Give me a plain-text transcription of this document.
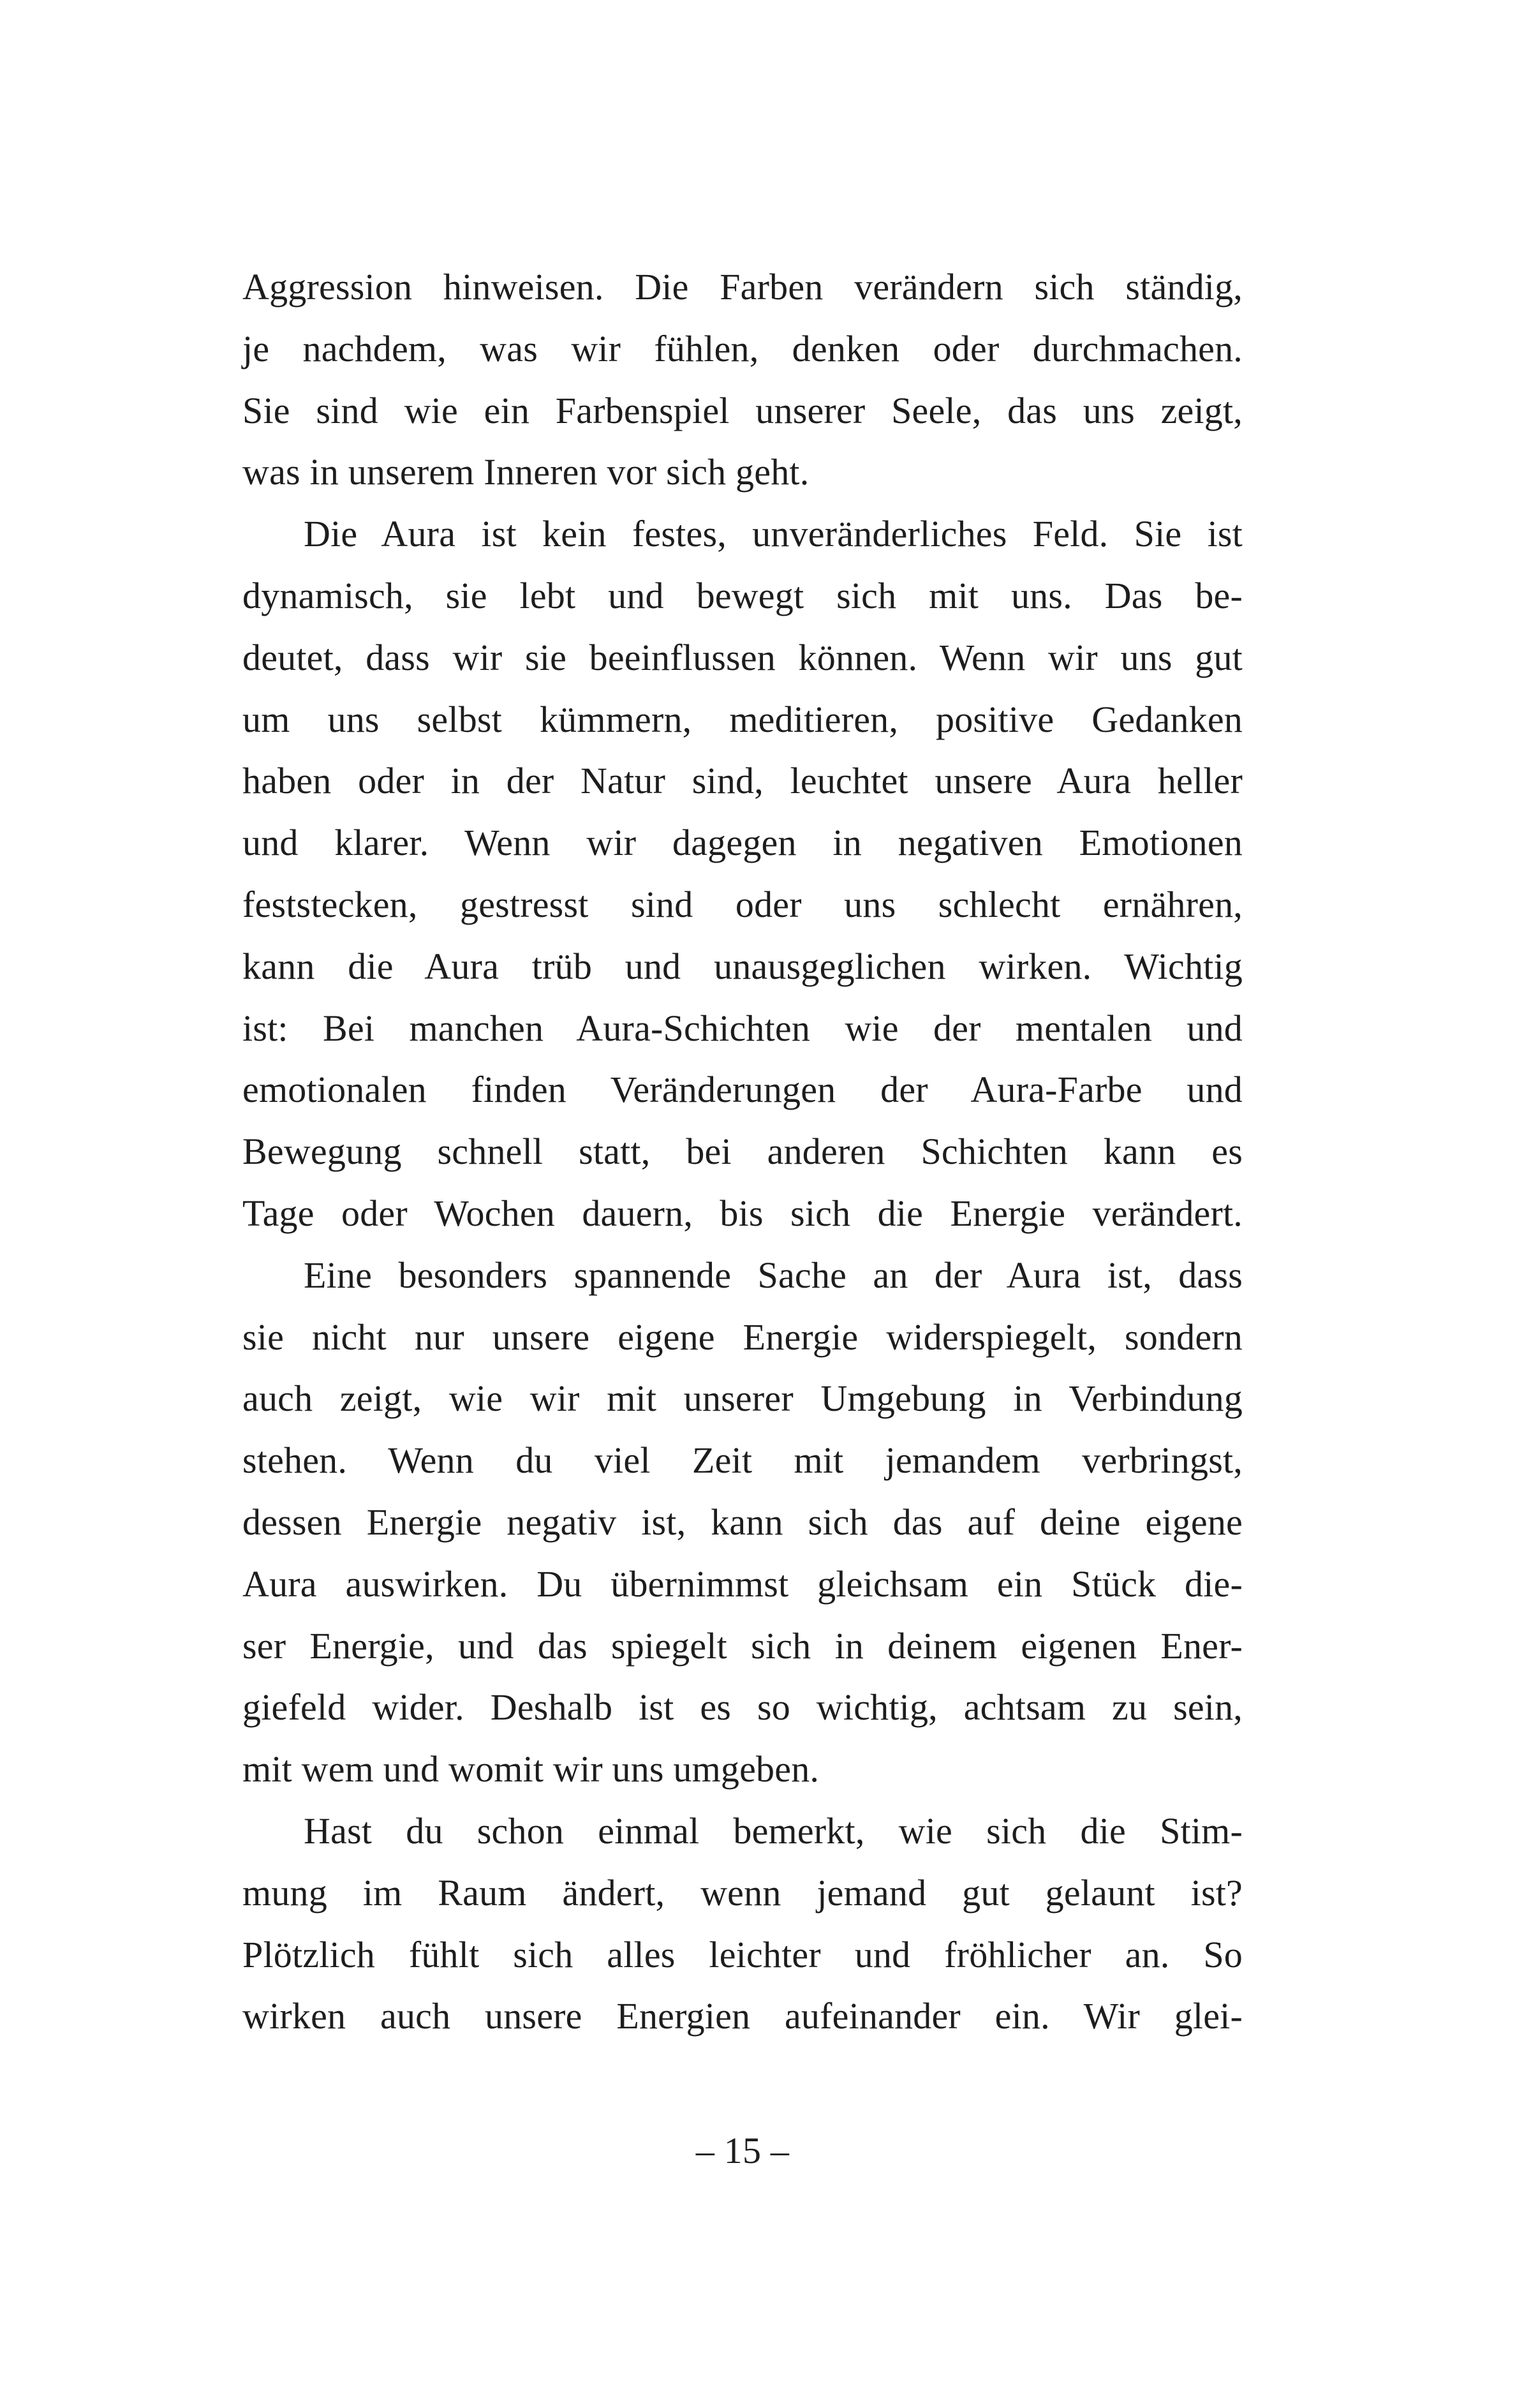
Aggression hinweisen. Die Farben verändern sich ständig,
je nachdem, was wir fühlen, denken oder durchmachen.
Sie sind wie ein Farbenspiel unserer Seele, das uns zeigt,
was in unserem Inneren vor sich geht.
Die Aura ist kein festes, unveränderliches Feld. Sie ist
dynamisch, sie lebt und bewegt sich mit uns. Das be-
deutet, dass wir sie beeinflussen können. Wenn wir uns gut
um uns selbst kümmern, meditieren, positive Gedanken
haben oder in der Natur sind, leuchtet unsere Aura heller
und klarer. Wenn wir dagegen in negativen Emotionen
feststecken, gestresst sind oder uns schlecht ernähren,
kann die Aura trüb und unausgeglichen wirken. Wichtig
ist: Bei manchen Aura-Schichten wie der mentalen und
emotionalen finden Veränderungen der Aura-Farbe und
Bewegung schnell statt, bei anderen Schichten kann es
Tage oder Wochen dauern, bis sich die Energie verändert.
Eine besonders spannende Sache an der Aura ist, dass
sie nicht nur unsere eigene Energie widerspiegelt, sondern
auch zeigt, wie wir mit unserer Umgebung in Verbindung
stehen. Wenn du viel Zeit mit jemandem verbringst,
dessen Energie negativ ist, kann sich das auf deine eigene
Aura auswirken. Du übernimmst gleichsam ein Stück die-
ser Energie, und das spiegelt sich in deinem eigenen Ener-
giefeld wider. Deshalb ist es so wichtig, achtsam zu sein,
mit wem und womit wir uns umgeben.
Hast du schon einmal bemerkt, wie sich die Stim-
mung im Raum ändert, wenn jemand gut gelaunt ist?
Plötzlich fühlt sich alles leichter und fröhlicher an. So
wirken auch unsere Energien aufeinander ein. Wir glei-
– 15 –
